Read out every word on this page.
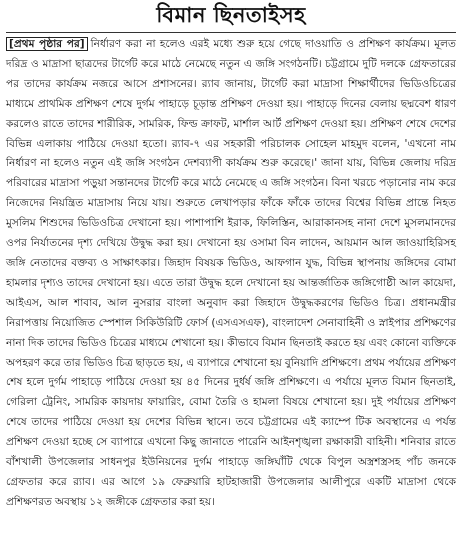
বিমান ছিনতাইসহ

[প্রথম পৃষ্ঠার পর] নির্ধারণ করা না হলেও এরই মধ্যে শুরু হয়ে গেছে দাওয়াতি ও প্রশিক্ষণ কার্যক্রম। মূলত দরিদ্র ও মাদ্রাসা ছাত্রদের টার্গেট করে মাঠে নেমেছে নতুন এ জঙ্গি সংগঠনটি। চট্টগ্রামে দুটি দলকে গ্রেফতারের পর তাদের কার্যক্রম নজরে আসে প্রশাসনের। র‌্যাব জানায়, টার্গেট করা মাদ্রাসা শিক্ষার্থীদের ভিডিওচিত্রের মাধ্যমে প্রাথমিক প্রশিক্ষণ শেষে দুর্গম পাহাড়ে চূড়ান্ত প্রশিক্ষণ দেওয়া হয়। পাহাড়ে দিনের বেলায় ছদ্মবেশ ধারণ করলেও রাতে তাদের শারীরিক, সামরিক, ফিল্ড ক্রাফট, মার্শাল আর্ট প্রশিক্ষণ দেওয়া হয়। প্রশিক্ষণ শেষে দেশের বিভিন্ন এলাকায় পাঠিয়ে দেওয়া হতো। র‌্যাব-৭ এর সহকারী পরিচালক সোহেল মাহমুদ বলেন, 'এখনো নাম নির্ধারণ না হলেও নতুন এই জঙ্গি সংগঠন দেশব্যাপী কার্যক্রম শুরু করেছে।' জানা যায়, বিভিন্ন জেলায় দরিদ্র পরিবারের মাদ্রাসা পড়ুয়া সন্তানদের টার্গেট করে মাঠে নেমেছে এ জঙ্গি সংগঠন। বিনা খরচে পড়ানোর নাম করে নিজেদের নিয়ন্ত্রিত মাদ্রাসায় নিয়ে যায়। শুরুতে লেখাপড়ার ফাঁকে ফাঁকে তাদের বিশ্বের বিভিন্ন প্রান্তে নিহত মুসলিম শিশুদের ভিডিওচিত্র দেখানো হয়। পাশাপাশি ইরাক, ফিলিস্তিন, আরাকানসহ নানা দেশে মুসলমানদের ওপর নির্যাতনের দৃশ্য দেখিয়ে উদ্বুদ্ধ করা হয়। দেখানো হয় ওসামা বিন লাদেন, আয়মান আল জাওয়াহিরিসহ জঙ্গি নেতাদের বক্তব্য ও সাক্ষাৎকার। জিহাদ বিষয়ক ভিডিও, আফগান যুদ্ধ, বিভিন্ন স্থাপনায় জঙ্গিদের বোমা হামলার দৃশ্যও তাদের দেখানো হয়। এতে তারা উদ্বুদ্ধ হলে দেখানো হয় আন্তর্জাতিক জঙ্গিগোষ্ঠী আল কায়েদা, আইএস, আল শাবাব, আল নুসরার বাংলা অনুবাদ করা জিহাদে উদ্বুদ্ধকরণের ভিডিও চিত্র। প্রধানমন্ত্রীর নিরাপত্তায় নিয়োজিত স্পেশাল সিকিউরিটি ফোর্স (এসএসএফ), বাংলাদেশ সেনাবাহিনী ও স্নাইপার প্রশিক্ষণের নানা দিক তাদের ভিডিও চিত্রের মাধ্যমে শেখানো হয়। কীভাবে বিমান ছিনতাই করতে হয় এবং কোনো ব্যক্তিকে অপহরণ করে তার ভিডিও চিত্র ছাড়তে হয়, এ ব্যাপারে শেখানো হয় বুনিয়াদি প্রশিক্ষণে। প্রথম পর্যায়ের প্রশিক্ষণ শেষ হলে দুর্গম পাহাড়ে পাঠিয়ে দেওয়া হয় ৪৫ দিনের দুর্ধর্ষ জঙ্গি প্রশিক্ষণে। এ পর্যায়ে মূলত বিমান ছিনতাই, গেরিলা ট্রেনিং, সামরিক কায়দায় ফায়ারিং, বোমা তৈরি ও হামলা বিষয়ে শেখানো হয়। দুই পর্যায়ের প্রশিক্ষণ শেষে তাদের পাঠিয়ে দেওয়া হয় দেশের বিভিন্ন স্থানে। তবে চট্টগ্রামের এই ক্যাম্পে টিক অবস্থানের এ পর্যন্ত প্রশিক্ষণ দেওয়া হচ্ছে সে ব্যাপারে এখনো কিছু জানাতে পারেনি আইনশৃঙ্খলা রক্ষাকারী বাহিনী। শনিবার রাতে বাঁশখালী উপজেলার সাধনপুর ইউনিয়নের দুর্গম পাহাড়ে জঙ্গিঘাঁটি থেকে বিপুল অস্ত্রশস্ত্রসহ পাঁচ জনকে গ্রেফতার করে র‌্যাব। এর আগে ১৯ ফেব্রুয়ারি হাটহাজারী উপজেলার আলীপুরে একটি মাদ্রাসা থেকে প্রশিক্ষণরত অবস্থায় ১২ জঙ্গীকে গ্রেফতার করা হয়।
